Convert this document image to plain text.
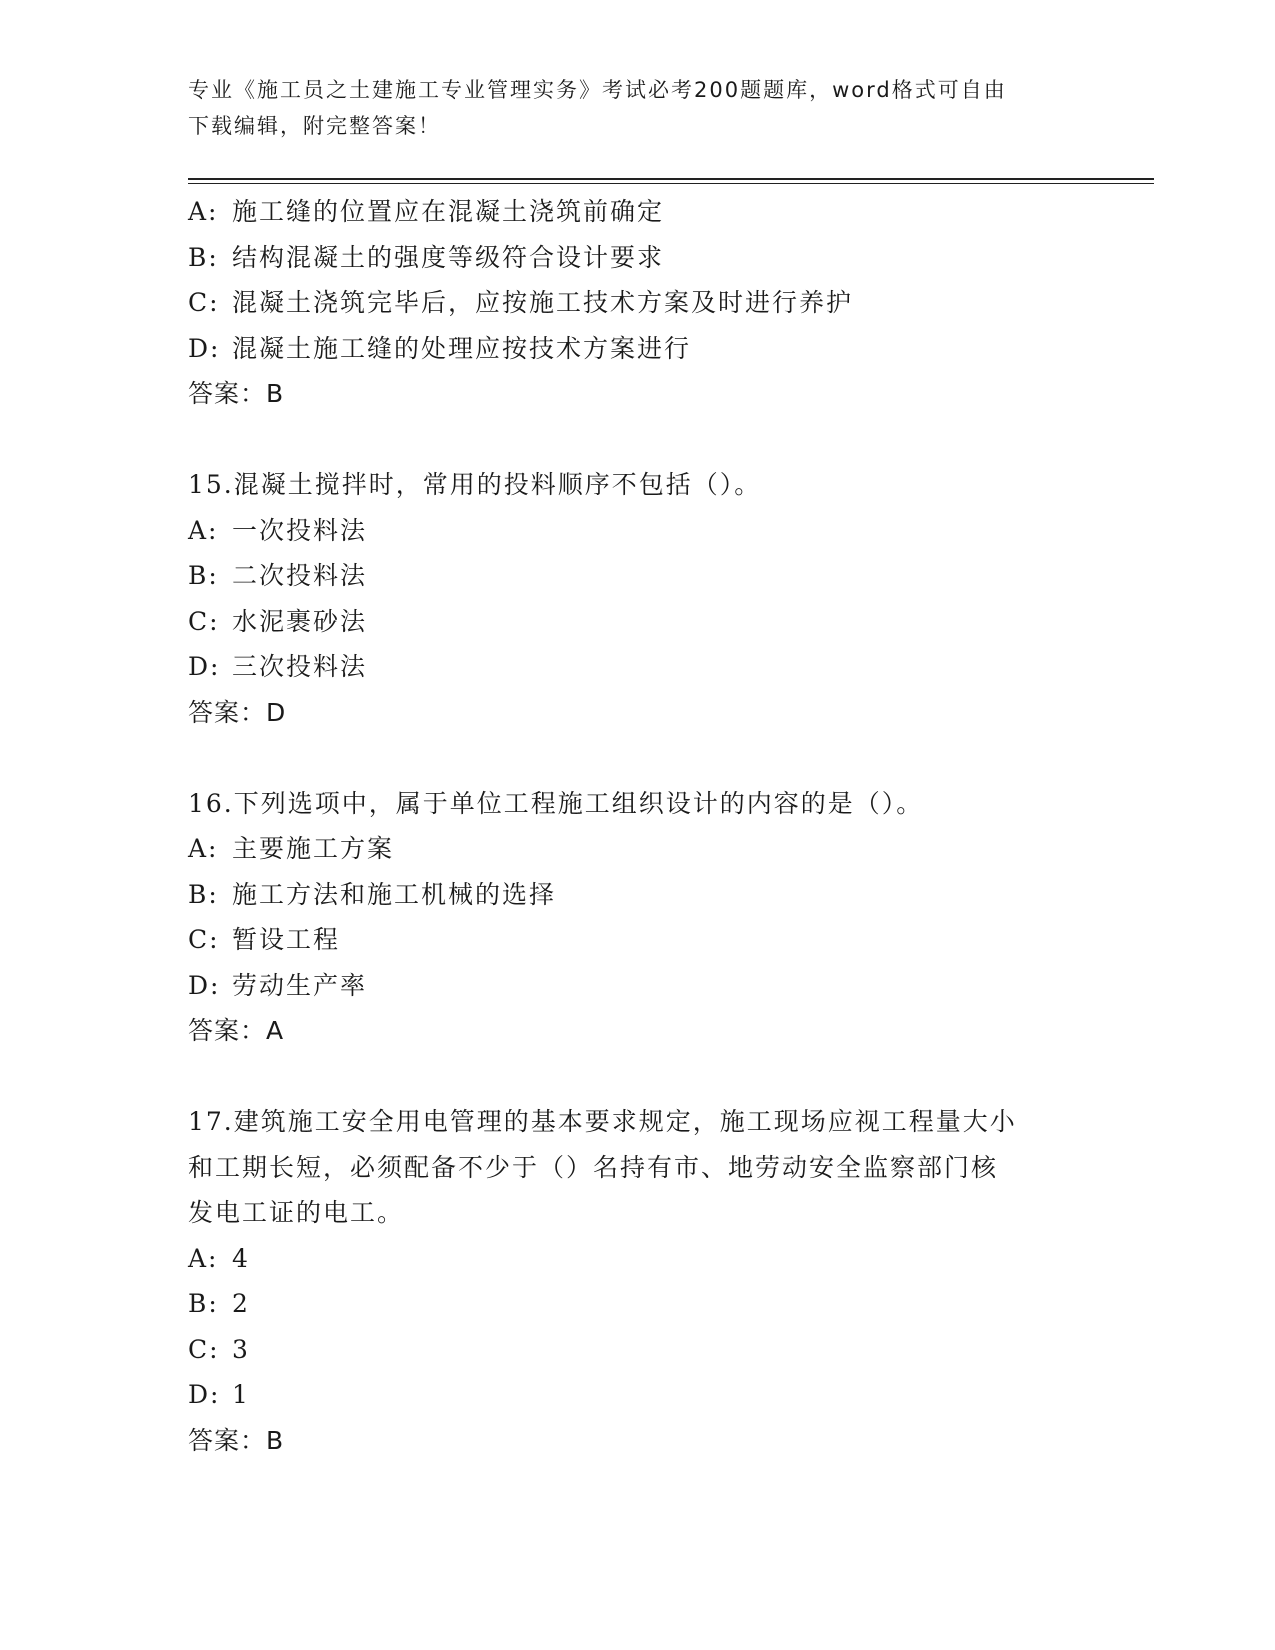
专业《施工员之土建施工专业管理实务》考试必考200题题库，word格式可自由
下载编辑，附完整答案！
A: 施工缝的位置应在混凝土浇筑前确定
B: 结构混凝土的强度等级符合设计要求
C: 混凝土浇筑完毕后，应按施工技术方案及时进行养护
D: 混凝土施工缝的处理应按技术方案进行
答案：B
15.混凝土搅拌时，常用的投料顺序不包括（）。
A: 一次投料法
B: 二次投料法
C: 水泥裹砂法
D: 三次投料法
答案：D
16.下列选项中，属于单位工程施工组织设计的内容的是（）。
A: 主要施工方案
B: 施工方法和施工机械的选择
C: 暂设工程
D: 劳动生产率
答案：A
17.建筑施工安全用电管理的基本要求规定，施工现场应视工程量大小
和工期长短，必须配备不少于（）名持有市、地劳动安全监察部门核
发电工证的电工。
A: 4
B: 2
C: 3
D: 1
答案：B
